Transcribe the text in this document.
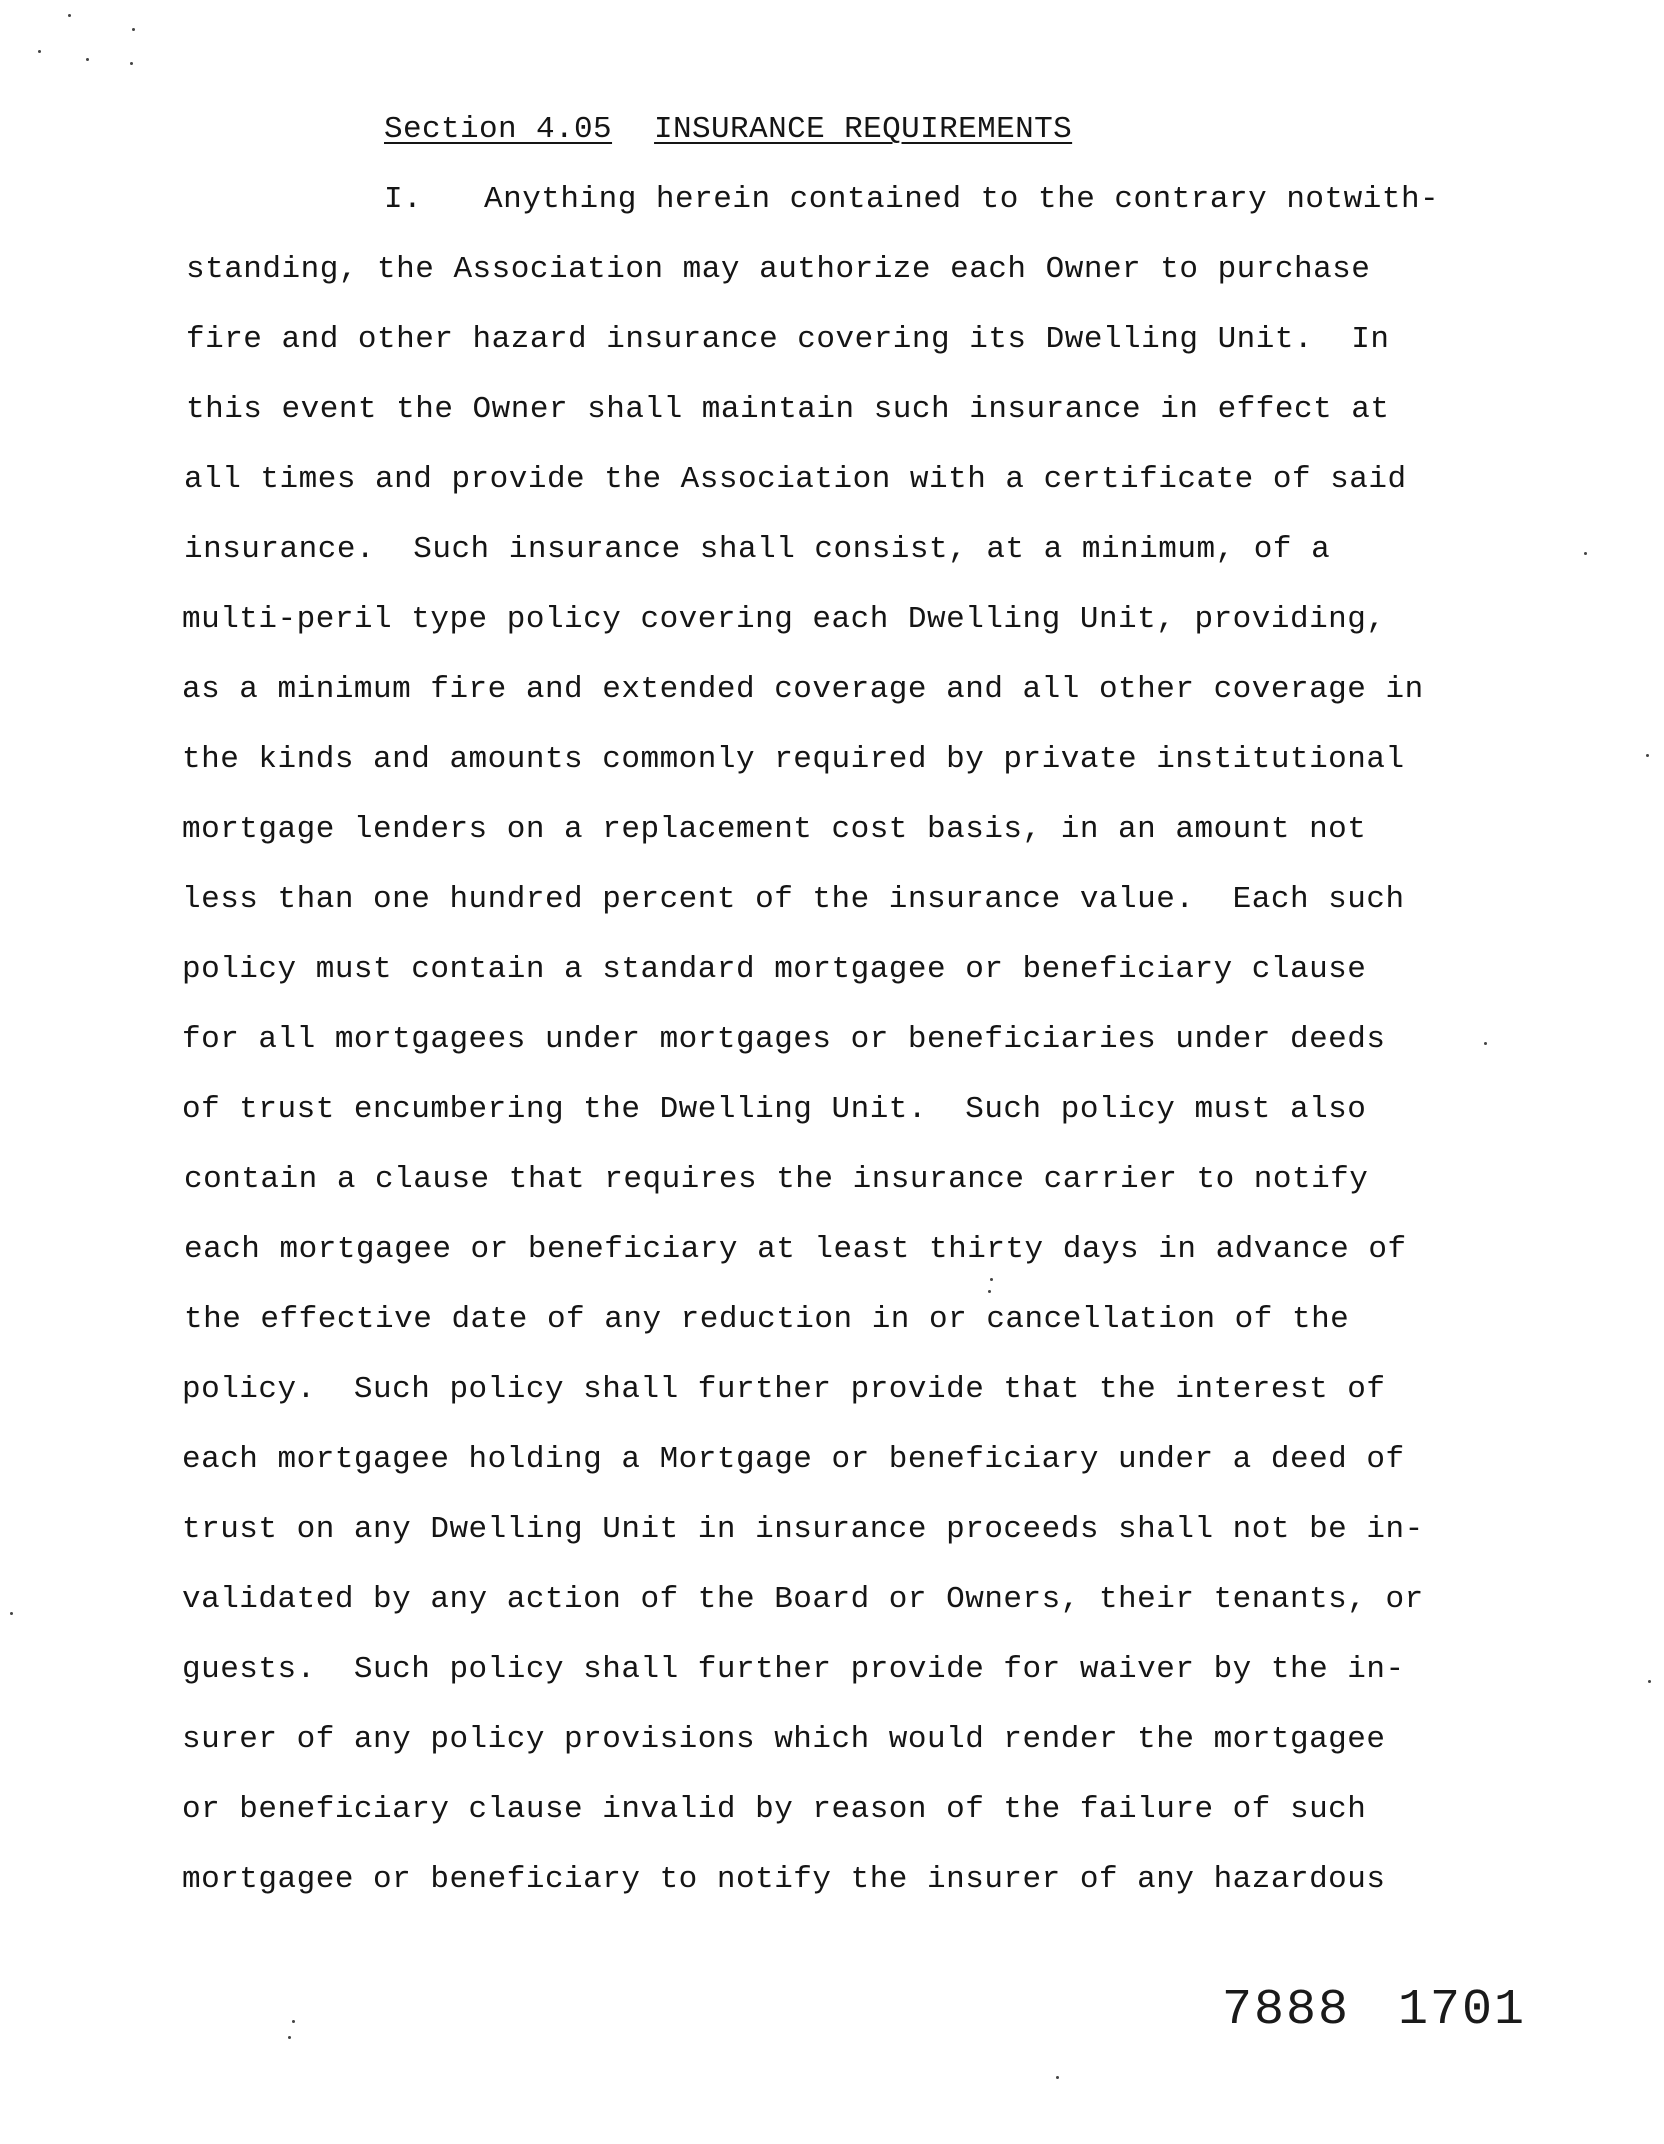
Section 4.05 INSURANCE REQUIREMENTS
I. Anything herein contained to the contrary notwith-
standing, the Association may authorize each Owner to purchase
fire and other hazard insurance covering its Dwelling Unit.  In
this event the Owner shall maintain such insurance in effect at
all times and provide the Association with a certificate of said
insurance.  Such insurance shall consist, at a minimum, of a
multi-peril type policy covering each Dwelling Unit, providing,
as a minimum fire and extended coverage and all other coverage in
the kinds and amounts commonly required by private institutional
mortgage lenders on a replacement cost basis, in an amount not
less than one hundred percent of the insurance value.  Each such
policy must contain a standard mortgagee or beneficiary clause
for all mortgagees under mortgages or beneficiaries under deeds
of trust encumbering the Dwelling Unit.  Such policy must also
contain a clause that requires the insurance carrier to notify
each mortgagee or beneficiary at least thirty days in advance of
the effective date of any reduction in or cancellation of the
policy.  Such policy shall further provide that the interest of
each mortgagee holding a Mortgage or beneficiary under a deed of
trust on any Dwelling Unit in insurance proceeds shall not be in-
validated by any action of the Board or Owners, their tenants, or
guests.  Such policy shall further provide for waiver by the in-
surer of any policy provisions which would render the mortgagee
or beneficiary clause invalid by reason of the failure of such
mortgagee or beneficiary to notify the insurer of any hazardous
7888 1701
